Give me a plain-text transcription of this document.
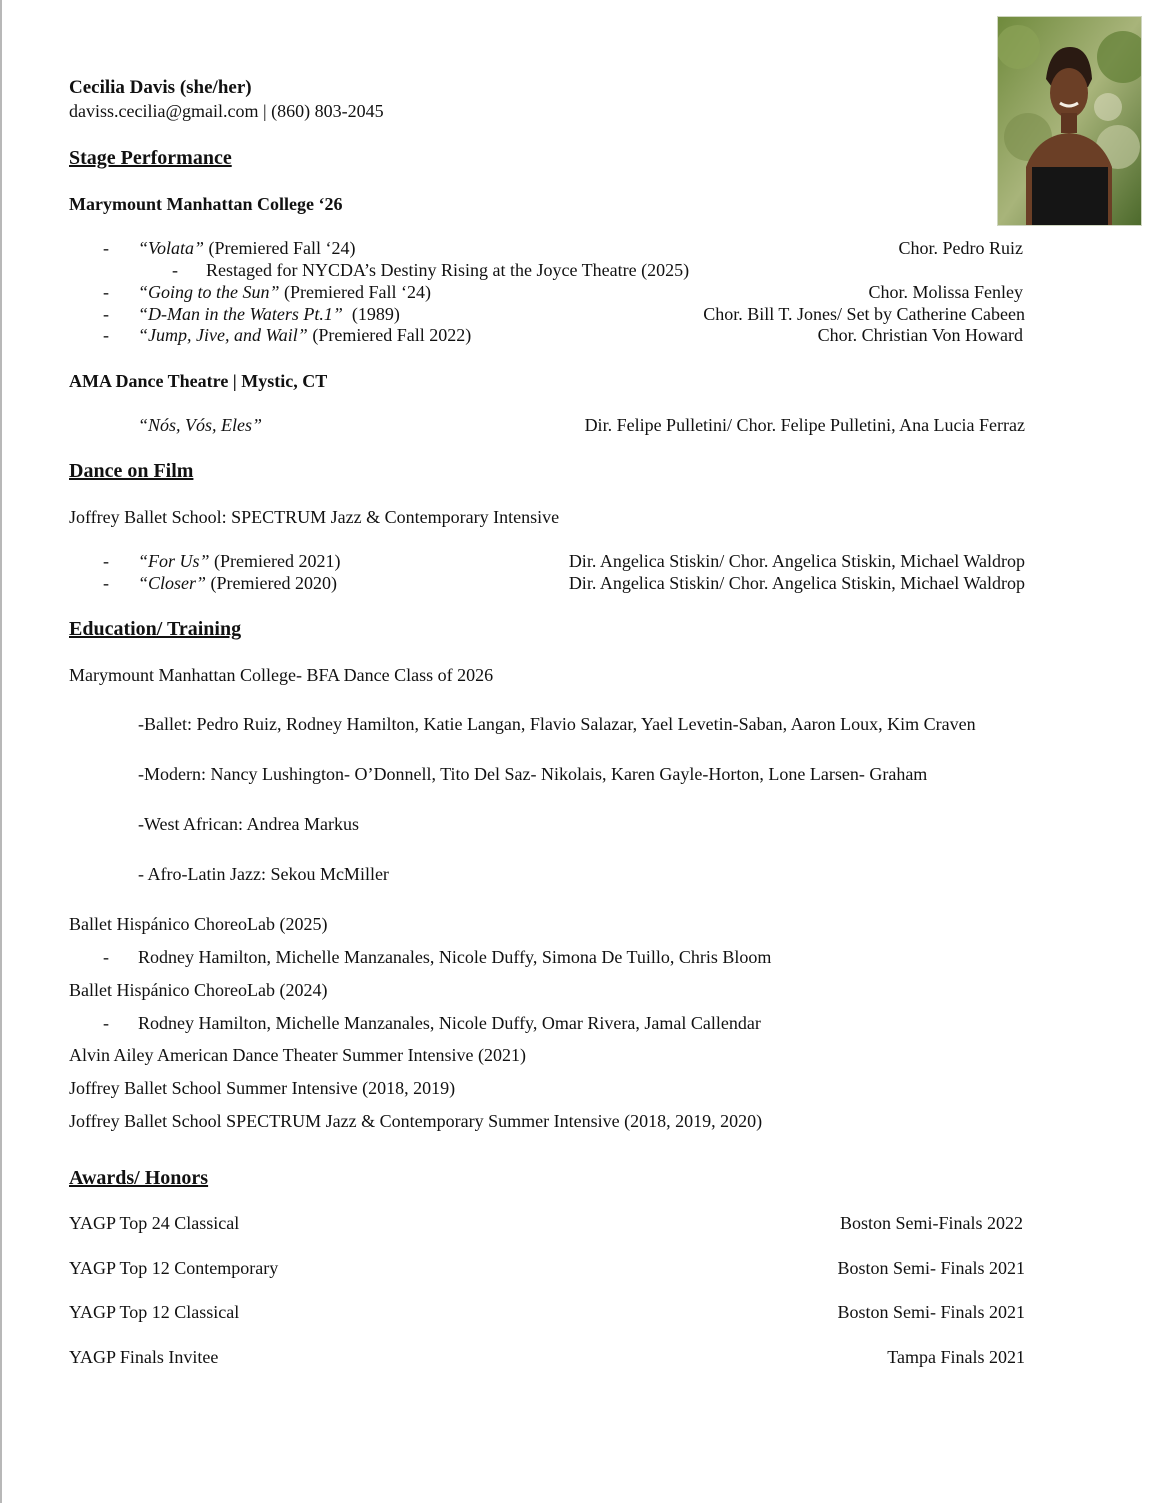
Cecilia Davis (she/her)
daviss.cecilia@gmail.com | (860) 803-2045
Stage Performance
Marymount Manhattan College ‘26
- “Volata” (Premiered Fall ‘24)	Chor. Pedro Ruiz
- Restaged for NYCDA’s Destiny Rising at the Joyce Theatre (2025)
- “Going to the Sun” (Premiered Fall ‘24)	Chor. Molissa Fenley
- “D-Man in the Waters Pt.1” (1989)	Chor. Bill T. Jones/ Set by Catherine Cabeen
- “Jump, Jive, and Wail” (Premiered Fall 2022)	Chor. Christian Von Howard
AMA Dance Theatre | Mystic, CT
“Nós, Vós, Eles”	Dir. Felipe Pulletini/ Chor. Felipe Pulletini, Ana Lucia Ferraz
Dance on Film
Joffrey Ballet School: SPECTRUM Jazz & Contemporary Intensive
- “For Us” (Premiered 2021)	Dir. Angelica Stiskin/ Chor. Angelica Stiskin, Michael Waldrop
- “Closer” (Premiered 2020)	Dir. Angelica Stiskin/ Chor. Angelica Stiskin, Michael Waldrop
Education/ Training
Marymount Manhattan College- BFA Dance Class of 2026
-Ballet: Pedro Ruiz, Rodney Hamilton, Katie Langan, Flavio Salazar, Yael Levetin-Saban, Aaron Loux, Kim Craven
-Modern: Nancy Lushington- O’Donnell, Tito Del Saz- Nikolais, Karen Gayle-Horton, Lone Larsen- Graham
-West African: Andrea Markus
- Afro-Latin Jazz: Sekou McMiller
Ballet Hispánico ChoreoLab (2025)
- Rodney Hamilton, Michelle Manzanales, Nicole Duffy, Simona De Tuillo, Chris Bloom
Ballet Hispánico ChoreoLab (2024)
- Rodney Hamilton, Michelle Manzanales, Nicole Duffy, Omar Rivera, Jamal Callendar
Alvin Ailey American Dance Theater Summer Intensive (2021)
Joffrey Ballet School Summer Intensive (2018, 2019)
Joffrey Ballet School SPECTRUM Jazz & Contemporary Summer Intensive (2018, 2019, 2020)
Awards/ Honors
YAGP Top 24 Classical	Boston Semi-Finals 2022
YAGP Top 12 Contemporary	Boston Semi- Finals 2021
YAGP Top 12 Classical	Boston Semi- Finals 2021
YAGP Finals Invitee	Tampa Finals 2021
